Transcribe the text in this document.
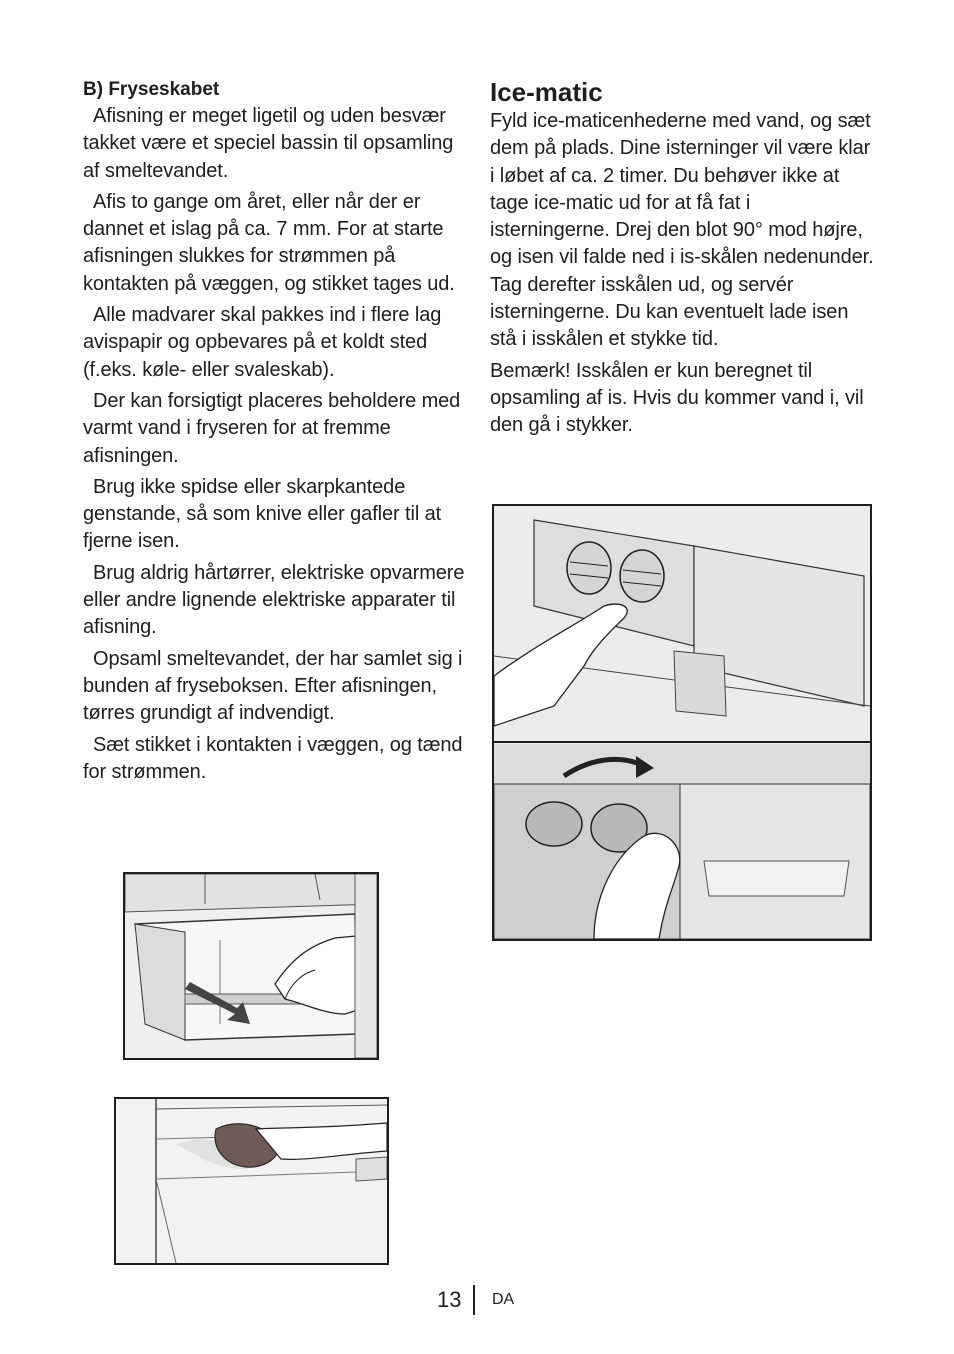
B) Fryseskabet

Afisning er meget ligetil og uden besvær takket være et speciel bassin til opsamling af smeltevandet.

Afis to gange om året, eller når der er dannet et islag på ca. 7 mm. For at starte afisningen slukkes for strømmen på kontakten på væggen, og stikket tages ud.

Alle madvarer skal pakkes ind i flere lag avispapir og opbevares på et koldt sted (f.eks. køle- eller svaleskab).

Der kan forsigtigt placeres beholdere med varmt vand i fryseren for at fremme afisningen.

Brug ikke spidse eller skarpkantede genstande, så som knive eller gafler til at fjerne isen.

Brug aldrig hårtørrer, elektriske opvarmere eller andre lignende elektriske apparater til afisning.

Opsaml smeltevandet, der har samlet sig i bunden af fryseboksen. Efter afisningen, tørres grundigt af indvendigt.

Sæt stikket i kontakten i væggen, og tænd for strømmen.

Ice-matic

Fyld ice-maticenhederne med vand, og sæt dem på plads. Dine isterninger vil være klar i løbet af ca. 2 timer. Du behøver ikke at tage ice-matic ud for at få fat i isterningerne. Drej den blot 90° mod højre, og isen vil falde ned i is-skålen nedenunder. Tag derefter isskålen ud, og servér isterningerne. Du kan eventuelt lade isen stå i isskålen et stykke tid.

Bemærk! Isskålen er kun beregnet til opsamling af is. Hvis du kommer vand i, vil den gå i stykker.

13 DA
